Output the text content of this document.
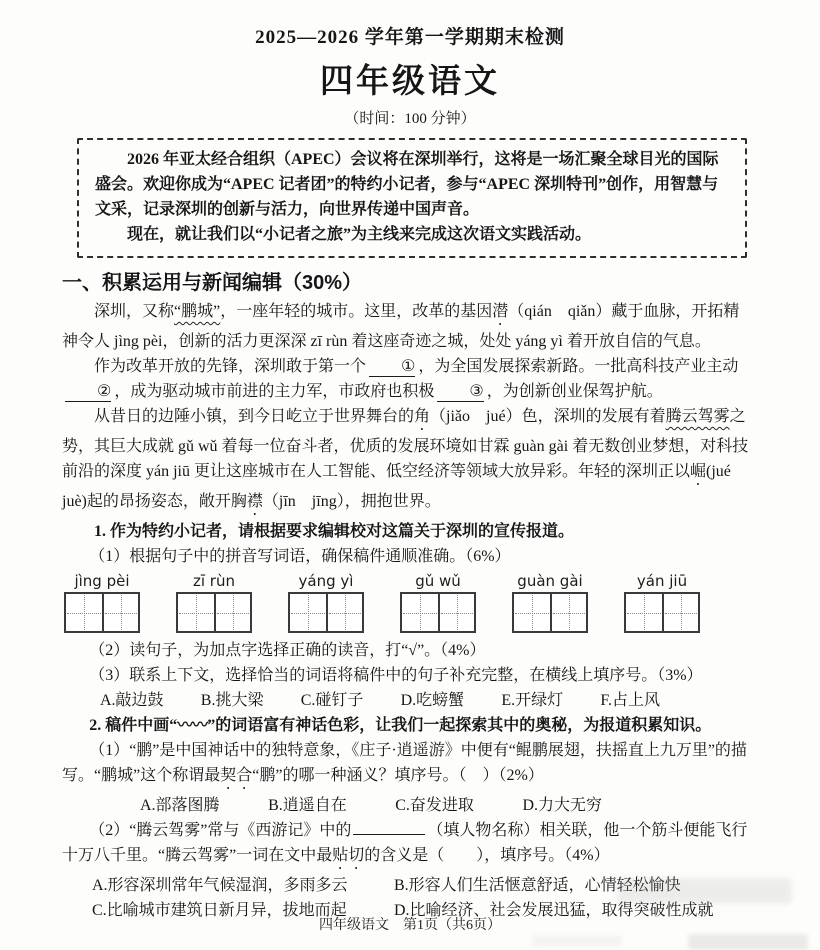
2025—2026 学年第一学期期末检测
四年级语文
（时间：100 分钟）

2026 年亚太经合组织（APEC）会议将在深圳举行，这将是一场汇聚全球目光的国际盛会。欢迎你成为“APEC 记者团”的特约小记者，参与“APEC 深圳特刊”创作，用智慧与文采，记录深圳的创新与活力，向世界传递中国声音。

现在，就让我们以“小记者之旅”为主线来完成这次语文实践活动。

一、积累运用与新闻编辑（30%）

深圳，又称“鹏城”，一座年轻的城市。这里，改革的基因潜（qián　qiǎn）藏于血脉，开拓精神令人 jìng pèi，创新的活力更深深 zī rùn 着这座奇迹之城，处处 yáng yì 着开放自信的气息。

作为改革开放的先锋，深圳敢于第一个 ① ，为全国发展探索新路。一批高科技产业主动② ，成为驱动城市前进的主力军，市政府也积极 ③ ，为创新创业保驾护航。

从昔日的边陲小镇，到今日屹立于世界舞台的角（jiǎo　jué）色，深圳的发展有着腾云驾雾之势，其巨大成就 gǔ wǔ 着每一位奋斗者，优质的发展环境如甘霖 guàn gài 着无数创业梦想，对科技前沿的深度 yán jiū 更让这座城市在人工智能、低空经济等领域大放异彩。年轻的深圳正以崛(jué　juè)起的昂扬姿态，敞开胸襟（jīn　jīng），拥抱世界。

1. 作为特约小记者，请根据要求编辑校对这篇关于深圳的宣传报道。

（1）根据句子中的拼音写词语，确保稿件通顺准确。（6%）

jìng pèi	zī rùn	yáng yì	gǔ wǔ	guàn gài	yán jiū

（2）读句子，为加点字选择正确的读音，打“√”。（4%）

（3）联系上下文，选择恰当的词语将稿件中的句子补充完整，在横线上填序号。（3%）

A.敲边鼓 B.挑大梁 C.碰钉子 D.吃螃蟹 E.开绿灯 F.占上风

2. 稿件中画“〰〰”的词语富有神话色彩，让我们一起探索其中的奥秘，为报道积累知识。

（1）“鹏”是中国神话中的独特意象，《庄子·逍遥游》中便有“鲲鹏展翅，扶摇直上九万里”的描写。“鹏城”这个称谓最契合“鹏”的哪一种涵义？填序号。（　）（2%）

A.部落图腾	B.逍遥自在	C.奋发进取	D.力大无穷

（2）“腾云驾雾”常与《西游记》中的	（填人物名称）相关联，他一个筋斗便能飞行十万八千里。“腾云驾雾”一词在文中最贴切的含义是（　　），填序号。（4%）

A.形容深圳常年气候湿润，多雨多云	B.形容人们生活惬意舒适，心情轻松愉快
C.比喻城市建筑日新月异，拔地而起	D.比喻经济、社会发展迅猛，取得突破性成就
四年级语文　第1页（共6页）
